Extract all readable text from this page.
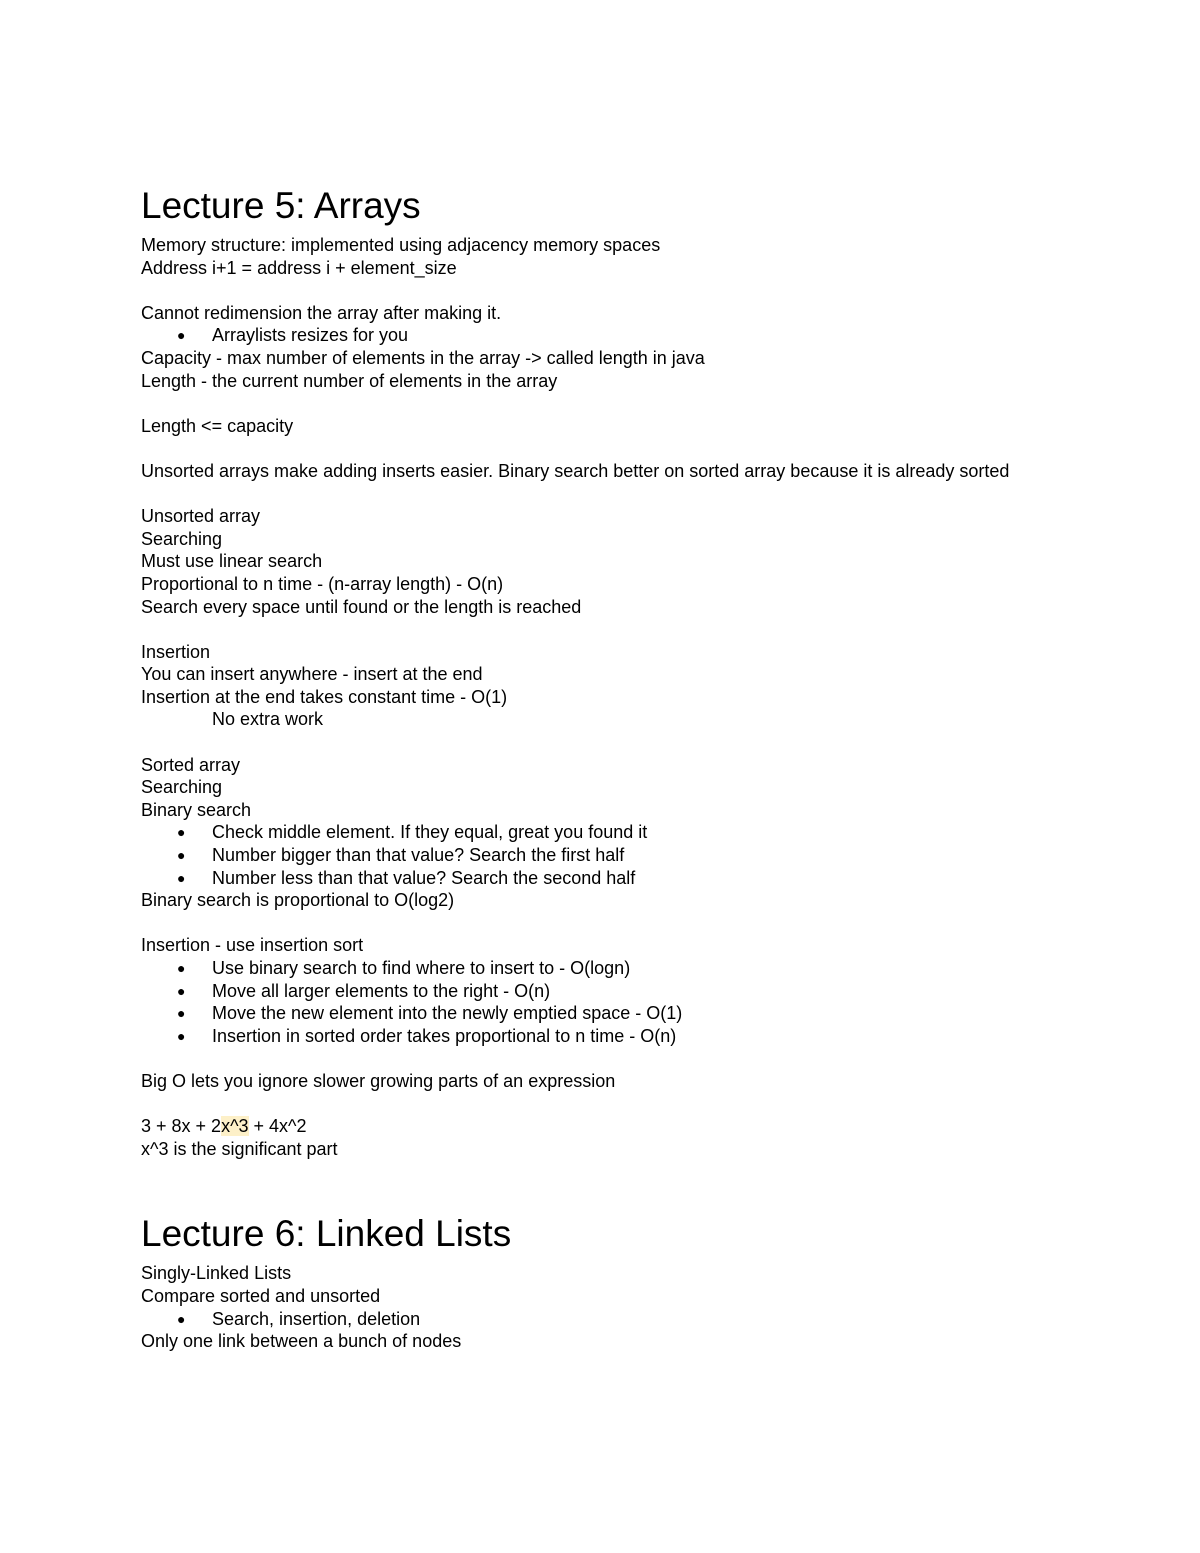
Lecture 5: Arrays
Memory structure: implemented using adjacency memory spaces
Address i+1 = address i + element_size
Cannot redimension the array after making it.
● Arraylists resizes for you
Capacity - max number of elements in the array -> called length in java
Length - the current number of elements in the array
Length <= capacity
Unsorted arrays make adding inserts easier. Binary search better on sorted array because it is already sorted
Unsorted array
Searching
Must use linear search
Proportional to n time - (n-array length) - O(n)
Search every space until found or the length is reached
Insertion
You can insert anywhere - insert at the end
Insertion at the end takes constant time - O(1)
No extra work
Sorted array
Searching
Binary search
● Check middle element. If they equal, great you found it
● Number bigger than that value? Search the first half
● Number less than that value? Search the second half
Binary search is proportional to O(log2)
Insertion - use insertion sort
● Use binary search to find where to insert to - O(logn)
● Move all larger elements to the right - O(n)
● Move the new element into the newly emptied space - O(1)
● Insertion in sorted order takes proportional to n time - O(n)
Big O lets you ignore slower growing parts of an expression
3 + 8x + 2x^3 + 4x^2
x^3 is the significant part
Lecture 6: Linked Lists
Singly-Linked Lists
Compare sorted and unsorted
● Search, insertion, deletion
Only one link between a bunch of nodes
